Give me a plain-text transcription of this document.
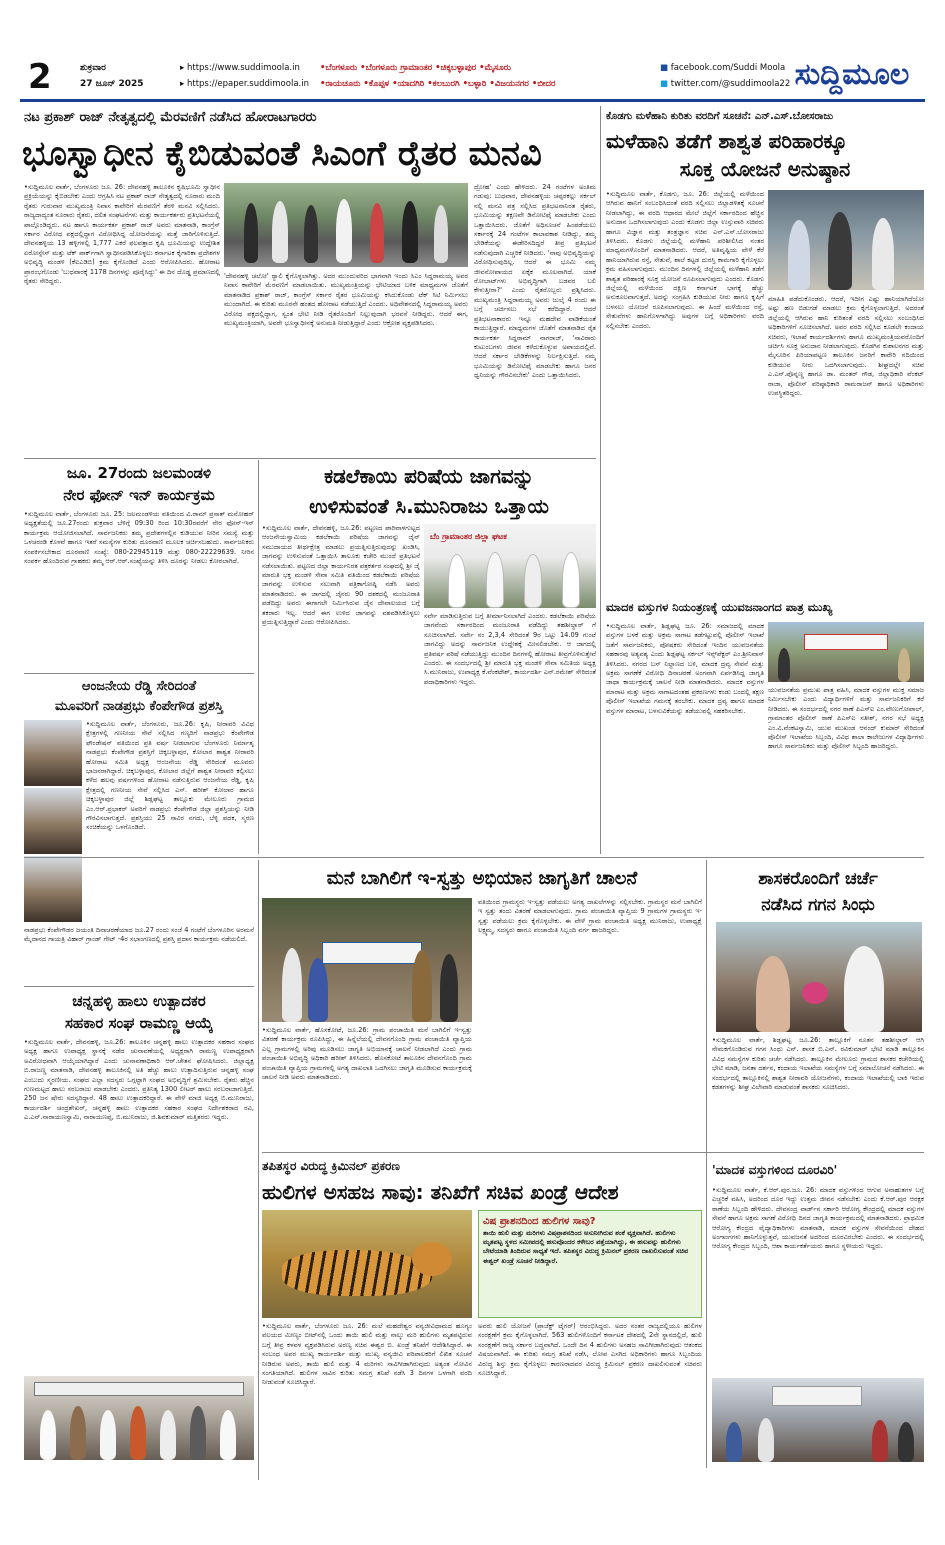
2	ಶುಕ್ರವಾರ
27 ಜೂನ್ 2025
▸ https://www.suddimoola.in
▸ https://epaper.suddimoola.in
•ಬೆಂಗಳೂರು •ಬೆಂಗಳೂರು ಗ್ರಾಮಾಂತರ •ಚಿಕ್ಕಬಳ್ಳಾಪುರ •ಮೈಸೂರು
•ರಾಯಚೂರು •ಕೊಪ್ಪಳ •ಯಾದಗಿರಿ •ಕಲಬುರಗಿ •ಬಳ್ಳಾರಿ •ವಿಜಯನಗರ •ಬೀದರ
■ facebook.com/Suddi Moola
■ twitter.com/@suddimoola22 ಸುದ್ದಿಮೂಲ
ನಟ ಪ್ರಕಾಶ್ ರಾಜ್ ನೇತೃತ್ವದಲ್ಲಿ ಮೆರವಣಿಗೆ ನಡೆಸಿದ ಹೋರಾಟಗಾರರು
ಭೂಸ್ವಾಧೀನ ಕೈಬಿಡುವಂತೆ ಸಿಎಂಗೆ ರೈತರ ಮನವಿ
•ಸುದ್ದಿಮೂಲ ವಾರ್ತೆ, ಬೆಂಗಳೂರು ಜೂ. 26: ದೇವನಹಳ್ಳಿ ತಾಲೂಕಿನ ಕೃಷಿಭೂಮಿ ಸ್ವಾಧೀನ ಪ್ರಕ್ರಿಯೆಯನ್ನು ಕೈಬಿಡಬೇಕು ಎಂದು ಆಗ್ರಹಿಸಿ ನಟ ಪ್ರಕಾಶ್ ರಾಜ್ ನೇತೃತ್ವದಲ್ಲಿ ನೂರಾರು ಮಂದಿ ರೈತರು ಗುರುವಾರ ಮುಖ್ಯಮಂತ್ರಿ ನಿವಾಸ ಕಾವೇರಿಗೆ ಮೆರವಣಿಗೆ ತೆರಳಿ ಮನವಿ ಸಲ್ಲಿಸಿದರು. ರಾಜ್ಯದಾದ್ಯಂತ ನೂರಾರು ರೈತರು, ದಲಿತ ಸಂಘಟನೆಗಳು ಮತ್ತು ಕಾರ್ಯಕರ್ತರು ಪ್ರತಿಭಟನೆಯಲ್ಲಿ ಪಾಲ್ಗೊಂಡಿದ್ದರು. ನಟ ಹಾಗೂ ಕಾರ್ಯಕರ್ತ ಪ್ರಕಾಶ್ ರಾಜ್ ಅವರು ಮಾತನಾಡಿ, ಕಾಂಗ್ರೆಸ್ ಸರ್ಕಾರ ವಿರೋಧ ಪಕ್ಷದಲ್ಲಿದ್ದಾಗ ವಿರೋಧಿಸಿದ್ದ ಯೋಜನೆಯನ್ನು ಮತ್ತೆ ಜಾರಿಗೊಳಿಸುತ್ತಿದೆ. ದೇವನಹಳ್ಳಿಯ 13 ಹಳ್ಳಿಗಳಲ್ಲಿ 1,777 ಎಕರೆ ಫಲವತ್ತಾದ ಕೃಷಿ ಭೂಮಿಯನ್ನು ಉದ್ದೇಶಿತ ಏರೋಸ್ಪೇಸ್ ಮತ್ತು ಟೆಕ್ ಪಾರ್ಕ್‌ಗಾಗಿ ಸ್ವಾಧೀನಪಡಿಸಿಕೊಳ್ಳಲು ಕರ್ನಾಟಕ ಕೈಗಾರಿಕಾ ಪ್ರದೇಶಗಳ ಅಭಿವೃದ್ಧಿ ಮಂಡಳಿ (ಕೆಐಎಡಿಬಿ) ಕ್ರಮ ಕೈಗೊಂಡಿದೆ ಎಂದು ಆರೋಪಿಸಿದರು. ಹೋರಾಟ ಪ್ರಾರಂಭಗೊಂಡು 'ಬುಧವಾರಕ್ಕೆ 1178 ದಿನಗಳನ್ನು ಪೂರೈಸಿದ್ದು' ಈ ದಿನ ದೊಡ್ಡ ಪ್ರಮಾಣದಲ್ಲಿ ರೈತರು ಸೇರಿದ್ದರು.
'ದೇವನಹಳ್ಳಿ ಚಲೋ' ರ‍್ಯಾಲಿ ಕೈಗೊಳ್ಳಲಾಗಿತ್ತು. ಅದರ ಮುಂದುವರಿದ ಭಾಗವಾಗಿ ಇಂದು ಸಿಎಂ ಸಿದ್ದರಾಮಯ್ಯ ಅವರ ನಿವಾಸ ಕಾವೇರಿಗೆ ಮೆರವಣಿಗೆ ಮಾಡಲಾಯಿತು. ಮುಖ್ಯಮಂತ್ರಿಯನ್ನು ಭೇಟಿಯಾದ ಬಳಿಕ ಮಾಧ್ಯಮಗಳ ಜೊತೆಗೆ ಮಾತನಾಡಿದ ಪ್ರಕಾಶ್ ರಾಜ್, ಕಾಂಗ್ರೆಸ್ ಸರ್ಕಾರ ರೈತರ ಭೂಮಿಯನ್ನು ಕಸಿದುಕೊಂಡು ಟೆಕ್ ಸಿಟಿ ನಿರ್ಮಿಸಲು ಮುಂದಾಗಿದೆ. ಈ ಕುರಿತು ಮೂರನೇ ಹಂತದ ಹೋರಾಟ ನಡೆಯುತ್ತಿದೆ ಎಂದರು. ಅಧಿವೇಶನದಲ್ಲಿ ಸಿದ್ದರಾಮಯ್ಯ ಅವರು ವಿರೋಧ ಪಕ್ಷದಲ್ಲಿದ್ದಾಗ, ಸ್ವಂತ ಭೇಟಿ ನೀಡಿ ರೈತರೊಂದಿಗೆ ನಿಲ್ಲುವುದಾಗಿ ಭರವಸೆ ನೀಡಿದ್ದರು. ಆದರೆ ಈಗ, ಮುಖ್ಯಮಂತ್ರಿಯಾಗಿ, ಅವರೇ ಭೂಸ್ವಾಧೀನಕ್ಕೆ ಅನುಮತಿ ನೀಡುತ್ತಿದ್ದಾರೆ ಎಂದು ಆಕ್ರೋಶ ವ್ಯಕ್ತಪಡಿಸಿದರು.
ದ್ರೋಹ' ಎಂದು ಹೇಳಿದರು. 24 ಗಂಟೆಗಳ ಅಂತಿಮ ಗಡುವು: ಬುಧವಾರ, ದೇವನಹಳ್ಳಿಯ ಚಪ್ಪರಕಲ್ಲು ಸರ್ಕಲ್ ನಲ್ಲಿ ಮನವಿ ಪತ್ರ ಸಲ್ಲಿಸಿದ ಪ್ರತಿಭಟನಾನಿರತ ರೈತರು, ಭೂಮಿಯನ್ನು ತಕ್ಷಣವೇ ಡಿನೋಟಿಫೈ ಮಾಡಬೇಕು ಎಂದು ಒತ್ತಾಯಿಸಿದರು. ಜೊತೆಗೆ ಅಧಿಸೂಚನೆ ಹಿಂಪಡೆಯಲು ಸರ್ಕಾರಕ್ಕೆ 24 ಗಂಟೆಗಳ ಕಾಲಾವಕಾಶ ನೀಡಿದ್ದು, ತಮ್ಮ ಬೇಡಿಕೆಯನ್ನು ಈಡೇರಿಸದಿದ್ದರೆ ತೀವ್ರ ಪ್ರತಿಭಟನೆ ನಡೆಸುವುದಾಗಿ ಎಚ್ಚರಿಕೆ ನೀಡಿದರು. 'ನಾವು ಅಭಿವೃದ್ಧಿಯನ್ನು ವಿರೋಧಿಸುವುದಿಲ್ಲ. ಆದರೆ ಈ ಭೂಮಿ ನಮ್ಮ ಜೀವನೋಪಾಯದ ಏಕೈಕ ಮೂಲವಾಗಿದೆ. ಯಾಕೆ ರೋಬಾಟ್‌ಗಳು ಅಭಿವೃದ್ಧಿಗಾಗಿ ಬಡವರ ಬಲಿ ಕೇಳುತ್ತೀರಾ?' ಎಂದು ರೈತರೊಬ್ಬರು ಪ್ರಶ್ನಿಸಿದರು. ಮುಖ್ಯಮಂತ್ರಿ ಸಿದ್ದರಾಮಯ್ಯ ಅವರು ಜುಲೈ 4 ರಂದು ಈ ಬಗ್ಗೆ ಚರ್ಚಿಸಲು ಸಭೆ ಕರೆದಿದ್ದಾರೆ. ಆದರೆ ಪ್ರತಿಭಟನಾಕಾರರು ಇನ್ನೂ ಮಹದೇವ ವಾಡಿಕೆಯಂತೆ ಕಾಯುತ್ತಿದ್ದಾರೆ. ಮಾಧ್ಯಮಗಳ ಜೊತೆಗೆ ಮಾತನಾಡಿದ ರೈತ ಕಾರ್ಯಕರ್ತ ಸಿದ್ದರಾಮ್ ನಾಗರಾಜ್, 'ಸಾವಿರಾರು ಕುಟುಂಬಗಳು ಜೀವನ ಕಳೆದುಕೊಳ್ಳುವ ಅಪಾಯದಲ್ಲಿವೆ. ಆದರೆ ಸರ್ಕಾರ ಬೇಡಿಕೆಗಳನ್ನು ನಿರ್ಲಕ್ಷಿಸುತ್ತಿದೆ. ನಮ್ಮ ಭೂಮಿಯನ್ನು ಡಿನೋಟಿಫೈ ಮಾಡಬೇಕು ಹಾಗೂ ಜನರ ಧ್ವನಿಯನ್ನು ಗೌರವಿಸಬೇಕು' ಎಂದು ಒತ್ತಾಯಿಸಿದರು.
ಕೊಡಗು ಮಳೆಹಾನಿ ಕುರಿತು ವರದಿಗೆ ಸೂಚನೆ: ಎನ್.ಎಸ್.ಬೋಸರಾಜು
ಮಳೆಹಾನಿ ತಡೆಗೆ ಶಾಶ್ವತ ಪರಿಹಾರಕ್ಕೂ
ಸೂಕ್ತ ಯೋಜನೆ ಅನುಷ್ಠಾನ
•ಸುದ್ದಿಮೂಲ ವಾರ್ತೆ, ಕೊಡಗು, ಜೂ. 26: ಜಿಲ್ಲೆಯಲ್ಲಿ ಮಳೆಯಿಂದ ಆಗಿರುವ ಹಾನಿಗೆ ಸಂಬಂಧಿಸಿದಂತೆ ವರದಿ ಸಲ್ಲಿಸಲು ಜಿಲ್ಲಾಡಳಿತಕ್ಕೆ ಸೂಚನೆ ನೀಡಲಾಗಿದ್ದು, ಈ ವರದಿ ಆಧಾರದ ಮೇಲೆ ಜಿಲ್ಲೆಗೆ ಸರ್ಕಾರದಿಂದ ಹೆಚ್ಚಿನ ಅನುದಾನ ಒದಗಿಸಲಾಗುವುದು ಎಂದು ಕೊಡಗು ಜಿಲ್ಲಾ ಉಸ್ತುವಾರಿ ಸಚಿವರು ಹಾಗೂ ವಿಜ್ಞಾನ ಮತ್ತು ತಂತ್ರಜ್ಞಾನ ಸಚಿವ ಎನ್.ಎಸ್.ಬೋಸರಾಜು ತಿಳಿಸಿದರು. ಕೊಡಗು ಜಿಲ್ಲೆಯಲ್ಲಿ ಮಳೆಹಾನಿ ಪರಿಶೀಲಿಸಿದ ನಂತರ ಮಾಧ್ಯಮಗಳೊಂದಿಗೆ ಮಾತನಾಡಿದರು. ಆದರೆ, ಅತಿವೃಷ್ಟಿಯ ವೇಳೆ ಕೆರೆ ಹಾನಿಯಾಗಿರುವ ರಸ್ತೆ, ಸೇತುವೆ, ಶಾಲೆ ಕಟ್ಟಡ ದುರಸ್ತಿ ಕಾಮಗಾರಿ ಕೈಗೊಳ್ಳಲು ಕ್ರಮ ವಹಿಸಲಾಗುವುದು. ಮುಂದಿನ ದಿನಗಳಲ್ಲಿ ಜಿಲ್ಲೆಯಲ್ಲಿ ಮಳೆಹಾನಿ ತಡೆಗೆ ಶಾಶ್ವತ ಪರಿಹಾರಕ್ಕೆ ಸೂಕ್ತ ಯೋಜನೆ ರೂಪಿಸಲಾಗುವುದು ಎಂದರು. ಕೊಡಗು ಜಿಲ್ಲೆಯಲ್ಲಿ ಮಳೆಯಿಂದ ದಕ್ಷಿಣ ಕರ್ನಾಟಕ ಭಾಗಕ್ಕೆ ಹೆಚ್ಚು ಅನುಕೂಲವಾಗುತ್ತದೆ. ಅದನ್ನು ಸಂಗ್ರಹಿಸಿ ಕುಡಿಯುವ ನೀರು ಹಾಗೂ ಕೃಷಿಗೆ ಬಳಸಲು ಯೋಜನೆ ರೂಪಿಸಲಾಗುವುದು. ಈ ಹಿಂದೆ ಮಳೆಯಿಂದ ರಸ್ತೆ, ಸೇತುವೆಗಳು ಹಾನಿಗೊಳಗಾಗಿದ್ದು ಅವುಗಳ ಬಗ್ಗೆ ಅಧಿಕಾರಿಗಳು ವರದಿ ಸಲ್ಲಿಸಬೇಕು ಎಂದರು.
ಮಾಹಿತಿ ಪಡೆದುಕೊಂಡರು. ಆದರೆ, ಇದೀಗ ಎಷ್ಟು ಹಾನಿಯಾಗಿದೆಯೋ ಅಷ್ಟು ಹಣ ಬಿಡುಗಡೆ ಮಾಡಲು ಕ್ರಮ ಕೈಗೊಳ್ಳಲಾಗುತ್ತಿದೆ. ಅದರಂತೆ ಜಿಲ್ಲೆಯಲ್ಲಿ ಆಗಿರುವ ಹಾನಿ ಕುರಿತಂತೆ ವರದಿ ಸಲ್ಲಿಸಲು ಸಂಬಂಧಿಸಿದ ಅಧಿಕಾರಿಗಳಿಗೆ ಸೂಚಿಸಲಾಗಿದೆ. ಅವರ ವರದಿ ಸಲ್ಲಿಸಿದ ಕೂಡಲೇ ಕಂದಾಯ ಸಚಿವರು, ಇಲಾಖೆ ಕಾರ್ಯದರ್ಶಿಗಳು ಹಾಗೂ ಮುಖ್ಯಮಂತ್ರಿಯವರೊಂದಿಗೆ ಚರ್ಚಿಸಿ ಸೂಕ್ತ ಅನುದಾನ ನೀಡಲಾಗುವುದು. ಕೊಡಗಿನ ಕುಶಾಲನಗರ ಮತ್ತು ಮೈಸೂರಿನ ಪಿರಿಯಾಪಟ್ಟಣ ತಾಲೂಕಿನ ಜನರಿಗೆ ಕಾವೇರಿ ನದಿಯಿಂದ ಕುಡಿಯುವ ನೀರು ಒದಗಿಸಲಾಗುವುದು. ಶೀಘ್ರದಲ್ಲೇ ಸಚಿವ ಎ.ಎಸ್.ಪೊನ್ನಣ್ಣ ಹಾಗೂ ಡಾ. ಮಂತರ್ ಗೌಡ, ಜಿಲ್ಲಾಧಿಕಾರಿ ವೆಂಕಟ್ ರಾಜಾ, ಪೊಲೀಸ್ ವರಿಷ್ಠಾಧಿಕಾರಿ ರಾಮರಾಜನ್ ಹಾಗೂ ಅಧಿಕಾರಿಗಳು ಉಪಸ್ಥಿತರಿದ್ದರು.
ಜೂ. 27ರಂದು ಜಲಮಂಡಳಿ
ನೇರ ಫೋನ್ ಇನ್ ಕಾರ್ಯಕ್ರಮ
•ಸುದ್ದಿಮೂಲ ವಾರ್ತೆ, ಬೆಂಗಳೂರು ಜೂ. 25: ಜಲಮಂಡಳಿಯ ವತಿಯಿಂದ ವಿ.ರಾಮ್ ಪ್ರಸಾತ್ ಮನೋಹರ್ ಅಧ್ಯಕ್ಷತೆಯಲ್ಲಿ ಜೂ.27ರಂದು ಶುಕ್ರವಾರ ಬೆಳಿಗ್ಗೆ 09:30 ರಿಂದ 10:30ರವರೆಗೆ ನೇರ ಫೋನ್-ಇನ್ ಕಾರ್ಯಕ್ರಮ ಆಯೋಜಿಸಲಾಗಿದೆ. ಸಾರ್ವಜನಿಕರು ತಮ್ಮ ಪ್ರದೇಶಗಳಲ್ಲಿನ ಕುಡಿಯುವ ನೀರಿನ ಸಮಸ್ಯೆ ಮತ್ತು ಒಳಚರಂಡಿ ಕೊಳವೆ ಹಾಗೂ ಇತರೆ ಸಮಸ್ಯೆಗಳ ಕುರಿತು ದೂರವಾಣಿ ಮೂಲಕ ಚರ್ಚಿಸಬಹುದು. ಸಾರ್ವಜನಿಕರು ಸಂಪರ್ಕಿಸಬೇಕಾದ ದೂರವಾಣಿ ಸಂಖ್ಯೆ: 080-22945119 ಮತ್ತು 080-22229639. ನೀರಿನ ಸಂಪರ್ಕ ಹೊಂದಿರುವ ಗ್ರಾಹಕರು ತಮ್ಮ ಆರ್.ಆರ್.ಸಂಖ್ಯೆಯನ್ನು ತಿಳಿಸಿ ದೂರನ್ನು ನೀಡಲು ಕೋರಲಾಗಿದೆ.
ಕಡಲೆಕಾಯಿ ಪರಿಷೆಯ ಜಾಗವನ್ನು
ಉಳಿಸುವಂತೆ ಸಿ.ಮುನಿರಾಜು ಒತ್ತಾಯ
•ಸುದ್ದಿಮೂಲ ವಾರ್ತೆ, ದೇವನಹಳ್ಳಿ, ಜೂ.26: ಪಟ್ಟಣದ ಪಾರಿವಾಳಗುಟ್ಟದ ಆಂಜನೇಯಸ್ವಾಮಿಯ ಕಡಲೆಕಾಯಿ ಪರಿಷೆಯ ಜಾಗವನ್ನು ಜೈನ್ ಸಮುದಾಯದ ತೀರ್ಥಕ್ಷೇತ್ರ ಮಾಡಲು ಪ್ರಯತ್ನಿಸುತ್ತಿರುವುದನ್ನು ಖಂಡಿಸಿ, ಜಾಗವನ್ನು ಉಳಿಸುವಂತೆ ಒತ್ತಾಯಿಸಿ ತಾಲೂಕು ಕಚೇರಿ ಮುಂದೆ ಪ್ರತಿಭಟನೆ ನಡೆಸಲಾಯಿತು. ಪಟ್ಟಣದ ಜಿಲ್ಲಾ ಕಾರ್ಯನಿರತ ಪತ್ರಕರ್ತರ ಸಂಘದಲ್ಲಿ ಶ್ರೀ ಜೈ ಮಾರುತಿ ಭಕ್ತ ಮಂಡಳಿ ಸೇವಾ ಸಮಿತಿ ವತಿಯಿಂದ ಕಡಲೆಕಾಯಿ ಪರಿಷೆಯ ಜಾಗವನ್ನು ಉಳಿಸುವ ಸಲುವಾಗಿ ಪತ್ರಿಕಾಗೋಷ್ಠಿ ನಡೆಸಿ ಅವರು ಮಾತನಾಡಿದರು. ಈ ಜಾಗದಲ್ಲಿ ಜೈನರು 90 ದಶಕದಲ್ಲಿ ಮಂಜೂರಾತಿ ಪಡೆದಿದ್ದು ಅವರು ಈಗಾಗಲೇ ನಿರ್ಮಿಸಿರುವ ಜೈನ ದೇವಾಲಯದ ಬಗ್ಗೆ ತಕರಾರು ಇಲ್ಲ. ಆದರೆ ಈಗ ಉಳಿದ ಜಾಗವನ್ನು ವಶಪಡಿಸಿಕೊಳ್ಳಲು ಪ್ರಯತ್ನಿಸುತ್ತಿದ್ದಾರೆ ಎಂದು ಆರೋಪಿಸಿದರು.
ಬೆಂ ಗ್ರಾಮಾಂತರ ಜಿಲ್ಲಾ ಘಟಕ
ಸರ್ವೇ ಮಾಡಿಸುತ್ತಿರುವ ಬಗ್ಗೆ ತೀರ್ಮಾನಿಸಲಾಗಿದೆ ಎಂದರು. ಕಡಲೆಕಾಯಿ ಪರಿಷೆಯ ಜಾಗವೆಂದು ಸರ್ಕಾರದಿಂದ ಮಂಜೂರಾತಿ ಪಡೆದಿದ್ದು ತಹಶೀಲ್ದಾರ್ ಗೆ ಸೂಚಿಸಲಾಗಿದೆ. ಸರ್ವೇ ನಂ 2,3,4 ಸೇರಿದಂತೆ 9ರ ಒಟ್ಟು 14.09 ಗುಂಟೆ ಜಾಗವಿದ್ದು ಅದನ್ನು ಸಾರ್ವಜನಿಕ ಉದ್ದೇಶಕ್ಕೆ ಮೀಸಲಿಡಬೇಕು. ಆ ಜಾಗದಲ್ಲಿ ಪ್ರತಿವರ್ಷ ಪರಿಷೆ ನಡೆಯುತ್ತಿದ್ದು ಮುಂದಿನ ದಿನಗಳಲ್ಲಿ ಹೋರಾಟ ತೀವ್ರಗೊಳಿಸುತ್ತೇವೆ ಎಂದರು. ಈ ಸಂದರ್ಭದಲ್ಲಿ ಶ್ರೀ ಮಾರುತಿ ಭಕ್ತ ಮಂಡಳಿ ಸೇವಾ ಸಮಿತಿಯ ಅಧ್ಯಕ್ಷ ಸಿ.ಮುನಿರಾಜು, ಉಪಾಧ್ಯಕ್ಷ ಕೆ.ವೆಂಕಟೇಶ್, ಕಾರ್ಯದರ್ಶಿ ಎನ್.ರಮೇಶ್ ಸೇರಿದಂತೆ ಪದಾಧಿಕಾರಿಗಳು ಇದ್ದರು.
ಆಂಜನೇಯ ರೆಡ್ಡಿ ಸೇರಿದಂತೆ
ಮೂವರಿಗೆ ನಾಡಪ್ರಭು ಕೆಂಪೇಗೌಡ ಪ್ರಶಸ್ತಿ
•ಸುದ್ದಿಮೂಲ ವಾರ್ತೆ, ಬೆಂಗಳೂರು, ಜೂ.26: ಕೃಷಿ, ನೀರಾವರಿ ವಿವಿಧ ಕ್ಷೇತ್ರಗಳಲ್ಲಿ ಗಣನೀಯ ಸೇವೆ ಸಲ್ಲಿಸಿದ ಗಣ್ಯರಿಗೆ ನಾಡಪ್ರಭು ಕೆಂಪೇಗೌಡ ಫೌಂಡೇಷನ್ ವತಿಯಿಂದ ಪ್ರತಿ ವರ್ಷ ನೀಡಲಾಗುವ ಬೆಂಗಳೂರು ನಿರ್ಮಾತೃ ನಾಡಪ್ರಭು ಕೆಂಪೇಗೌಡ ಪ್ರಶಸ್ತಿಗೆ ಚಿಕ್ಕಬಳ್ಳಾಪುರ, ಕೋಲಾರ ಶಾಶ್ವತ ನೀರಾವರಿ ಹೋರಾಟ ಸಮಿತಿ ಅಧ್ಯಕ್ಷ ಆಂಜನೇಯ ರೆಡ್ಡಿ ಸೇರಿದಂತೆ ಮೂವರು ಭಾಜನರಾಗಿದ್ದಾರೆ. ಚಿಕ್ಕಬಳ್ಳಾಪುರ, ಕೋಲಾರ ಜಿಲ್ಲೆಗೆ ಶಾಶ್ವತ ನೀರಾವರಿ ಕಲ್ಪಿಸಲು ಕಳೆದ ಹಲವು ವರ್ಷಗಳಿಂದ ಹೋರಾಟ ನಡೆಸುತ್ತಿರುವ ಆಂಜನೇಯ ರೆಡ್ಡಿ, ಕೃಷಿ ಕ್ಷೇತ್ರದಲ್ಲಿ ಗಣನೀಯ ಸೇವೆ ಸಲ್ಲಿಸಿದ ಎಸ್. ಹರೀಶ್ ಕೋಲಾರ ಹಾಗೂ ಚಿಕ್ಕಬಳ್ಳಾಪುರ ಜಿಲ್ಲೆ ಶಿಡ್ಲಘಟ್ಟ ತಾಲ್ಲೂಕು ಮೇಲೂರು ಗ್ರಾಮದ ಎಂ.ಆರ್.ಪ್ರಭಾಕರ್ ಅವರಿಗೆ ನಾಡಪ್ರಭು ಕೆಂಪೇಗೌಡ ಜಿಲ್ಲಾ ಪ್ರಶಸ್ತಿಯನ್ನು ನೀಡಿ ಗೌರವಿಸಲಾಗುತ್ತದೆ. ಪ್ರಶಸ್ತಿಯು 25 ಸಾವಿರ ನಗದು, ಬೆಳ್ಳಿ ಪದಕ, ಸ್ಮರಣ ಸಂಚಿಕೆಯನ್ನು ಒಳಗೊಂಡಿದೆ.
ನಾಡಪ್ರಭು ಕೆಂಪೇಗೌಡರ ಜಯಂತಿ ದಿನಾಚರಣೆಯಾದ ಜೂ.27 ರಂದು ಸಂಜೆ 4 ಗಂಟೆಗೆ ಬೆಂಗಳೂರಿನ ಅರಮನೆ ಮೈದಾನದ ಗಾಯತ್ರಿ ವಿಹಾರ್ ಗ್ರಾಂಡ್ ಗೇಟ್ -4ರ ಸಭಾಂಗಣದಲ್ಲಿ ಪ್ರಶಸ್ತಿ ಪ್ರದಾನ ಕಾರ್ಯಕ್ರಮ ನಡೆಯಲಿದೆ.
ಚನ್ನಹಳ್ಳಿ ಹಾಲು ಉತ್ಪಾದಕರ
ಸಹಕಾರ ಸಂಘ ರಾಮಣ್ಣ ಆಯ್ಕೆ
•ಸುದ್ದಿಮೂಲ ವಾರ್ತೆ, ದೇವನಹಳ್ಳಿ, ಜೂ.26: ತಾಲೂಕಿನ ಚನ್ನಹಳ್ಳಿ ಹಾಲು ಉತ್ಪಾದಕರ ಸಹಕಾರ ಸಂಘದ ಅಧ್ಯಕ್ಷ ಹಾಗೂ ಉಪಾಧ್ಯಕ್ಷ ಸ್ಥಾನಕ್ಕೆ ನಡೆದ ಚುನಾವಣೆಯಲ್ಲಿ ಅಧ್ಯಕ್ಷರಾಗಿ ರಾಮಣ್ಣ ಉಪಾಧ್ಯಕ್ಷರಾಗಿ ಅವಿರೋಧವಾಗಿ ಆಯ್ಕೆಯಾಗಿದ್ದಾರೆ ಎಂದು ಚುನಾವಣಾಧಿಕಾರಿ ಆರ್.ಚೇತನ ಘೋಷಿಸಿದರು. ಜಿಲ್ಲಾಧ್ಯಕ್ಷ ಬಿ.ರಾಜಣ್ಣ ಮಾತನಾಡಿ, ದೇವನಹಳ್ಳಿ ತಾಲೂಕಿನಲ್ಲಿ ಅತಿ ಹೆಚ್ಚು ಹಾಲು ಉತ್ಪಾದಿಸುತ್ತಿರುವ ಚನ್ನಹಳ್ಳಿ ಸಂಘ ಎಂಬುದು ಸ್ಮರಣೀಯ. ಸಂಘದ ಎಲ್ಲಾ ಸದಸ್ಯರು ಒಗ್ಗಟ್ಟಾಗಿ ಸಂಘದ ಅಭಿವೃದ್ಧಿಗೆ ಶ್ರಮಿಸಬೇಕು. ರೈತರು ಹೆಚ್ಚಿನ ಗುಣಮಟ್ಟದ ಹಾಲು ಸರಬರಾಜು ಮಾಡಬೇಕು ಎಂದರು. ಪ್ರತಿನಿತ್ಯ 1300 ಲೀಟರ್ ಹಾಲು ಸರಬರಾಜಾಗುತ್ತಿದೆ. 250 ಜನ ಷೇರು ಸದಸ್ಯರಿದ್ದಾರೆ. 48 ಹಾಲು ಉತ್ಪಾದಕರಿದ್ದಾರೆ. ಈ ವೇಳೆ ಮಾಜಿ ಅಧ್ಯಕ್ಷ ಬಿ.ಮುನಿರಾಜು, ಕಾರ್ಯದರ್ಶಿ ಚಂದ್ರಶೇಖರ್, ಚನ್ನಹಳ್ಳಿ ಹಾಲು ಉತ್ಪಾದಕರ ಸಹಕಾರ ಸಂಘದ ನಿರ್ದೇಶಕರಾದ ರವಿ, ಎ.ಎನ್.ನಾರಾಯಣಸ್ವಾಮಿ, ನಾರಾಯಣಪ್ಪ, ಬಿ.ಮುನಿರಾಜು, ಜಿ.ಶಿವಕುಮಾರ್ ಮತ್ತಿತರರು ಇದ್ದರು.
ಮಾದಕ ವಸ್ತುಗಳ ನಿಯಂತ್ರಣಕ್ಕೆ ಯುವಜನಾಂಗದ ಪಾತ್ರ ಮುಖ್ಯ
•ಸುದ್ದಿಮೂಲ ವಾರ್ತೆ, ಶಿಡ್ಲಘಟ್ಟ ಜೂ. 26: ಸಮಾಜದಲ್ಲಿ ಮಾದಕ ವಸ್ತುಗಳ ಬಳಕೆ ಮತ್ತು ಅಕ್ರಮ ಸಾಗಾಟ ತಡೆಗಟ್ಟುವಲ್ಲಿ ಪೊಲೀಸ್ ಇಲಾಖೆ ಜತೆಗೆ ಸಾರ್ವಜನಿಕರು, ಪೋಷಕರು ಸೇರಿದಂತೆ ಇಂದಿನ ಯುವಜನತೆಯ ಸಹಕಾರವು ಅತ್ಯವಶ್ಯ ಎಂದು ಶಿಡ್ಲಘಟ್ಟ ಸರ್ಕಲ್ ಇನ್ಸ್‌ಪೆಕ್ಟರ್ ಎಂ.ಶ್ರೀನಿವಾಸ್ ತಿಳಿಸಿದರು. ನಗರದ ಬಸ್ ನಿಲ್ದಾಣದ ಬಳಿ, ಮಾದಕ ದ್ರವ್ಯ ಸೇವನೆ ಮತ್ತು ಅಕ್ರಮ ಸಾಗಣೆಕೆ ವಿರೋಧಿ ದಿನಾಚರಣೆ ಅಂಗವಾಗಿ ಏರ್ಪಡಿಸಿದ್ದ ಜಾಗೃತಿ ಜಾಥಾ ಕಾರ್ಯಕ್ರಮಕ್ಕೆ ಚಾಲನೆ ನೀಡಿ ಮಾತನಾಡಿದರು. ಮಾದಕ ವಸ್ತುಗಳ ಮಾರಾಟ ಮತ್ತು ಅಕ್ರಮ ಸಾಗಾಟದಂತಹ ಪ್ರಕರಣಗಳು ಕಂಡು ಬಂದಲ್ಲಿ ತಕ್ಷಣ ಪೊಲೀಸ್ ಇಲಾಖೆಯ ಗಮನಕ್ಕೆ ತರಬೇಕು. ಮಾದಕ ದ್ರವ್ಯ ಹಾಗೂ ಮಾದಕ ವಸ್ತುಗಳ ಮಾರಾಟ, ಬಳಸುವಿಕೆಯನ್ನು ತಡೆಯುವಲ್ಲಿ ಸಹಕರಿಸಬೇಕು.
ಯುವಜನತೆಯ ಪ್ರಮುಖ ಪಾತ್ರ ವಹಿಸಿ, ಮಾದಕ ವಸ್ತುಗಳ ಮುಕ್ತ ಸಮಾಜ ನಿರ್ಮಿಸಬೇಕು ಎಂದು ವಿದ್ಯಾರ್ಥಿಗಳಿಗೆ ಮತ್ತು ಸಾರ್ವಜನಿಕರಿಗೆ ಕರೆ ನೀಡಿದರು. ಈ ಸಂದರ್ಭದಲ್ಲಿ ನಗರ ಠಾಣೆ ಪಿಎಸ್ಐ ಎಂ.ವೇಣುಗೋಪಾಲ್, ಗ್ರಾಮಾಂತರ ಪೊಲೀಸ್ ಠಾಣೆ ಪಿಎಸ್ಐ ಸತೀಶ್, ನಗರ ಸಭೆ ಅಧ್ಯಕ್ಷ ಎಂ.ವಿ.ವೆಂಕಟಸ್ವಾಮಿ, ಯುವ ಮುಖಂಡ ಆನಂದ್ ಕುಮಾರ್ ಸೇರಿದಂತೆ ಪೊಲೀಸ್ ಇಲಾಖೆಯ ಸಿಬ್ಬಂದಿ, ವಿವಿಧ ಶಾಲಾ ಕಾಲೇಜುಗಳ ವಿದ್ಯಾರ್ಥಿಗಳು ಹಾಗೂ ಸಾರ್ವಜನಿಕರು ಮತ್ತು ಪೊಲೀಸ್ ಸಿಬ್ಬಂದಿ ಹಾಜರಿದ್ದರು.
ಮನೆ ಬಾಗಿಲಿಗೆ ಇ-ಸ್ವತ್ತು ಅಭಿಯಾನ ಜಾಗೃತಿಗೆ ಚಾಲನೆ
ವತಿಯಿಂದ ಗ್ರಾಮಸ್ಥರು ಇ-ಸ್ವತ್ತು ಪಡೆಯಲು ಅಗತ್ಯ ದಾಖಲೆಗಳನ್ನು ಸಲ್ಲಿಸಬೇಕು. ಗ್ರಾಮಸ್ಥರ ಮನೆ ಬಾಗಿಲಿಗೆ ಇ ಸ್ವತ್ತು ತಂದು ವಿತರಣೆ ಮಾಡಲಾಗುವುದು. ಗ್ರಾಮ ಪಂಚಾಯಿತಿ ವ್ಯಾಪ್ತಿಯ 9 ಗ್ರಾಮಗಳ ಗ್ರಾಮಸ್ಥರು ಇ-ಸ್ವತ್ತು ಪಡೆಯಲು ಕ್ರಮ ಕೈಗೊಳ್ಳಬೇಕು. ಈ ವೇಳೆ ಗ್ರಾಮ ಪಂಚಾಯಿತಿ ಅಧ್ಯಕ್ಷ ಮುನಿರಾಜು, ಉಪಾಧ್ಯಕ್ಷೆ ಲಕ್ಷ್ಮಮ್ಮ, ಸದಸ್ಯರು ಹಾಗೂ ಪಂಚಾಯಿತಿ ಸಿಬ್ಬಂದಿ ವರ್ಗ ಹಾಜರಿದ್ದರು.
•ಸುದ್ದಿಮೂಲ ವಾರ್ತೆ, ಹೊಸಕೋಟೆ, ಜೂ.26: ಗ್ರಾಮ ಪಂಚಾಯಿತಿ ಮನೆ ಬಾಗಿಲಿಗೆ ಇ-ಸ್ವತ್ತು ವಿತರಣೆ ಕಾರ್ಯಕ್ರಮ ರೂಪಿಸಿದ್ದು, ಈ ಹಿನ್ನೆಲೆಯಲ್ಲಿ ದೇವನಗೊಂದಿ ಗ್ರಾಮ ಪಂಚಾಯಿತಿ ವ್ಯಾಪ್ತಿಯ ಎಲ್ಲ ಗ್ರಾಮಗಳಲ್ಲಿ ಅರಿವು ಮೂಡಿಸಲು ಜಾಗೃತಿ ಅಭಿಯಾನಕ್ಕೆ ಚಾಲನೆ ನೀಡಲಾಗಿದೆ ಎಂದು ಗ್ರಾಮ ಪಂಚಾಯಿತಿ ಅಭಿವೃದ್ಧಿ ಅಧಿಕಾರಿ ಹರೀಶ್ ತಿಳಿಸಿದರು. ಹೊಸಕೋಟೆ ತಾಲೂಕಿನ ದೇವನಗೊಂದಿ ಗ್ರಾಮ ಪಂಚಾಯಿತಿ ವ್ಯಾಪ್ತಿಯ ಗ್ರಾಮಗಳಲ್ಲಿ ಅಗತ್ಯ ದಾಖಲಾತಿ ಒದಗಿಸಲು ಜಾಗೃತಿ ಮೂಡಿಸುವ ಕಾರ್ಯಕ್ರಮಕ್ಕೆ ಚಾಲನೆ ನೀಡಿ ಅವರು ಮಾತನಾಡಿದರು.
ಶಾಸಕರೊಂದಿಗೆ ಚರ್ಚೆ
ನಡೆಸಿದ ಗಗನ ಸಿಂಧು
•ಸುದ್ದಿಮೂಲ ವಾರ್ತೆ, ಶಿಡ್ಲಘಟ್ಟ ಜೂ.26: ತಾಲ್ಲೂಕಿಗೆ ನೂತನ ತಹಶೀಲ್ದಾರ್ ಆಗಿ ನೇಮಕಗೊಂಡಿರುವ ಗಗನ ಸಿಂಧು ಎನ್. ಶಾಸಕ ಬಿ.ಎನ್. ರವಿಕುಮಾರ್ ಭೇಟಿ ಮಾಡಿ ತಾಲ್ಲೂಕಿನ ವಿವಿಧ ಸಮಸ್ಯೆಗಳ ಕುರಿತು ಚರ್ಚೆ ನಡೆಸಿದರು. ತಾಲ್ಲೂಕಿನ ಮೇಲೂರು ಗ್ರಾಮದ ಶಾಸಕರ ಕಚೇರಿಯಲ್ಲಿ ಭೇಟಿ ಮಾಡಿ, ಜನತಾ ದರ್ಶನ, ಕಂದಾಯ ಇಲಾಖೆಯ ಸಮಸ್ಯೆಗಳ ಬಗ್ಗೆ ಸಮಾಲೋಚನೆ ನಡೆಸಿದರು. ಈ ಸಂದರ್ಭದಲ್ಲಿ ತಾಲ್ಲೂಕಿನಲ್ಲಿ ಶಾಶ್ವತ ನೀರಾವರಿ ಯೋಜನೆಗಳು, ಕಂದಾಯ ಇಲಾಖೆಯಲ್ಲಿ ಬಾಕಿ ಇರುವ ಕಡತಗಳನ್ನು ಶೀಘ್ರ ವಿಲೇವಾರಿ ಮಾಡುವಂತೆ ಶಾಸಕರು ಸೂಚಿಸಿದರು.
'ಮಾದಕ ವಸ್ತುಗಳಿಂದ ದೂರವಿರಿ'
•ಸುದ್ದಿಮೂಲ ವಾರ್ತೆ, ಕೆ.ಆರ್.ಪುರ.ಜೂ. 26: ಮಾದಕ ವಸ್ತುಗಳಿಂದ ಆಗುವ ಅನಾಹುತಗಳ ಬಗ್ಗೆ ಎಚ್ಚರಿಕೆ ವಹಿಸಿ, ಅದರಿಂದ ದೂರ ಇದ್ದು ಉತ್ತಮ ಜೀವನ ನಡೆಸಬೇಕು ಎಂದು ಕೆ.ಆರ್.ಪುರ ಆರಕ್ಷಕ ಠಾಣೆಯ ಸಿಬ್ಬಂದಿ ಹೇಳಿದರು. ದೇವಸಂದ್ರ ವಾರ್ಡ್‌ನ ಸರ್ಕಾರಿ ಆರೋಗ್ಯ ಕೇಂದ್ರದಲ್ಲಿ ಮಾದಕ ವಸ್ತುಗಳ ಸೇವನೆ ಹಾಗೂ ಅಕ್ರಮ ಸಾಗಣೆ ವಿರೋಧಿ ದಿನದ ಜಾಗೃತಿ ಕಾರ್ಯಕ್ರಮದಲ್ಲಿ ಮಾತನಾಡಿದರು. ಪ್ರಾಥಮಿಕ ಆರೋಗ್ಯ ಕೇಂದ್ರದ ವೈದ್ಯಾಧಿಕಾರಿಗಳು ಮಾತನಾಡಿ, ಮಾದಕ ವಸ್ತುಗಳ ಸೇವನೆಯಿಂದ ದೇಹದ ಅಂಗಾಂಗಗಳು ಹಾನಿಗೊಳ್ಳುತ್ತವೆ, ಯುವಜನತೆ ಅದರಿಂದ ದೂರವಿರಬೇಕು ಎಂದರು. ಈ ಸಂದರ್ಭದಲ್ಲಿ ಆರೋಗ್ಯ ಕೇಂದ್ರದ ಸಿಬ್ಬಂದಿ, ಆಶಾ ಕಾರ್ಯಕರ್ತೆಯರು ಹಾಗೂ ಸ್ಥಳೀಯರು ಇದ್ದರು.
ತಪಿತಸ್ಥರ ವಿರುದ್ಧ ಕ್ರಿಮಿನಲ್ ಪ್ರಕರಣ
ಹುಲಿಗಳ ಅಸಹಜ ಸಾವು: ತನಿಖೆಗೆ ಸಚಿವ ಖಂಡ್ರೆ ಆದೇಶ
ವಿಷ ಪ್ರಾಶನದಿಂದ ಹುಲಿಗಳ ಸಾವು?
ತಾಯಿ ಹುಲಿ ಮತ್ತು ಮರಿಗಳು ವಿಷಪ್ರಾಶನದಿಂದ ಅಸುನೀಗಿರುವ ಶಂಕೆ ವ್ಯಕ್ತವಾಗಿದೆ. ಹುಲಿಗಳು ಮೃತಪಟ್ಟ ಸ್ಥಳದ ಸಮೀಪದಲ್ಲಿ ಹಸುವೊಂದರ ಕಳೇಬರ ಪತ್ತೆಯಾಗಿದ್ದು, ಈ ಹಸುವನ್ನು ಹುಲಿಗಳು ಬೇಟೆಯಾಡಿ ತಿಂದಿರುವ ಸಾಧ್ಯತೆ ಇದೆ. ತಪಿತಸ್ಥರ ವಿರುದ್ಧ ಕ್ರಿಮಿನಲ್ ಪ್ರಕರಣ ದಾಖಲಿಸುವಂತೆ ಸಚಿವ ಈಶ್ವರ್ ಖಂಡ್ರೆ ಸೂಚನೆ ನೀಡಿದ್ದಾರೆ.
•ಸುದ್ದಿಮೂಲ ವಾರ್ತೆ, ಬೆಂಗಳೂರು ಜೂ. 26: ಮಲೆ ಮಹದೇಶ್ವರ ವನ್ಯಜೀವಿಧಾಮದ ಹೂಗ್ಯಂ ವಲಯದ ಮೀಣ್ಯಂ ಬೀಟ್‌ನಲ್ಲಿ ಒಂದು ತಾಯಿ ಹುಲಿ ಮತ್ತು ನಾಲ್ಕು ಮರಿ ಹುಲಿಗಳು ಮೃತಪಟ್ಟಿರುವ ಬಗ್ಗೆ ತೀವ್ರ ಕಳವಳ ವ್ಯಕ್ತಪಡಿಸಿರುವ ಅರಣ್ಯ ಸಚಿವ ಈಶ್ವರ ಬಿ. ಖಂಡ್ರೆ ತನಿಖೆಗೆ ಆದೇಶಿಸಿದ್ದಾರೆ. ಈ ಸಂಬಂಧ ಅಪರ ಮುಖ್ಯ ಕಾರ್ಯದರ್ಶಿ ಮತ್ತು ಮುಖ್ಯ ವನ್ಯಜೀವಿ ಪರಿಪಾಲಕರಿಗೆ ಲಿಖಿತ ಸೂಚನೆ ನೀಡಿರುವ ಅವರು, ತಾಯಿ ಹುಲಿ ಮತ್ತು 4 ಮರಿಗಳು ಸಾವಿಗೀಡಾಗಿರುವುದು ಅತ್ಯಂತ ನೋವಿನ ಸಂಗತಿಯಾಗಿದೆ. ಹುಲಿಗಳ ಸಾವಿನ ಕುರಿತು ಸಮಗ್ರ ತನಿಖೆ ನಡೆಸಿ 3 ದಿನಗಳ ಒಳಗಾಗಿ ವರದಿ ನೀಡುವಂತೆ ಸೂಚಿಸಿದ್ದಾರೆ.
ಅವರು ಹುಲಿ ಯೋಜನೆ (ಪ್ರಾಜೆಕ್ಟ್ ಟೈಗರ್) ಆರಂಭಿಸಿದ್ದರು. ಅದರ ನಂತರ ರಾಜ್ಯದಲ್ಲಿಯೂ ಹುಲಿಗಳ ಸಂರಕ್ಷಣೆಗೆ ಕ್ರಮ ಕೈಗೊಳ್ಳಲಾಗಿದೆ. 563 ಹುಲಿಗಳೊಂದಿಗೆ ಕರ್ನಾಟಕ ದೇಶದಲ್ಲಿ 2ನೇ ಸ್ಥಾನದಲ್ಲಿದೆ, ಹುಲಿ ಸಂರಕ್ಷಣೆಗೆ ರಾಜ್ಯ ಸರ್ಕಾರ ಬದ್ಧವಾಗಿದೆ. ಒಂದೇ ದಿನ 4 ಹುಲಿಗಳು ಅಸಹಜ ಸಾವಿಗೀಡಾಗಿರುವುದು ಆತಂಕದ ವಿಷಯವಾಗಿದೆ. ಈ ಕುರಿತು ಸಮಗ್ರ ತನಿಖೆ ನಡೆಸಿ, ಲೋಪ ಎಸಗಿದ ಅಧಿಕಾರಿಗಳು ಹಾಗೂ ಸಿಬ್ಬಂದಿಯ ವಿರುದ್ಧ ಶಿಸ್ತು ಕ್ರಮ ಕೈಗೊಳ್ಳಲು ಕಾರಣರಾದವರ ವಿರುದ್ಧ ಕ್ರಿಮಿನಲ್ ಪ್ರಕರಣ ದಾಖಲಿಸುವಂತೆ ಸಚಿವರು ಸೂಚಿಸಿದ್ದಾರೆ.
